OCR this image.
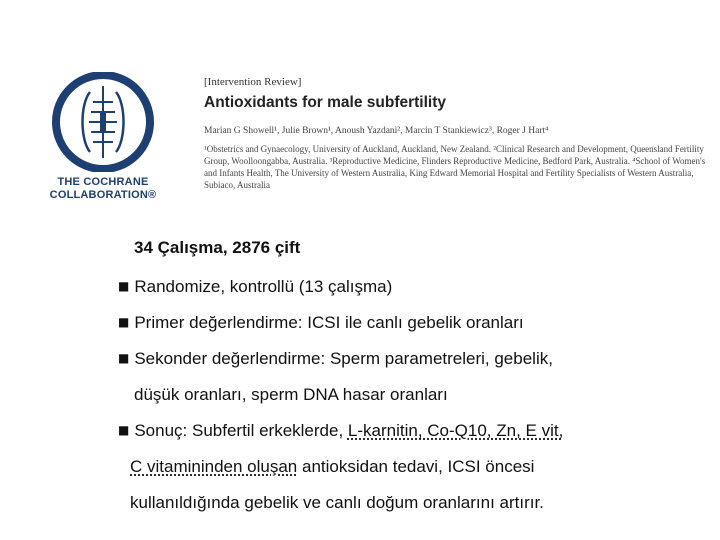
THE COCHRANE
COLLABORATION®
[Intervention Review]
Antioxidants for male subfertility
Marian G Showell¹, Julie Brown¹, Anoush Yazdani², Marcin T Stankiewicz³, Roger J Hart⁴
¹Obstetrics and Gynaecology, University of Auckland, Auckland, New Zealand. ²Clinical Research and Development, Queensland Fertility Group, Woolloongabba, Australia. ³Reproductive Medicine, Flinders Reproductive Medicine, Bedford Park, Australia. ⁴School of Women's and Infants Health, The University of Western Australia, King Edward Memorial Hospital and Fertility Specialists of Western Australia, Subiaco, Australia
34 Çalışma, 2876 çift
■ Randomize, kontrollü (13 çalışma)
■ Primer değerlendirme: ICSI ile canlı gebelik oranları
■ Sekonder değerlendirme: Sperm parametreleri, gebelik,
düşük oranları, sperm DNA hasar oranları
■ Sonuç: Subfertil erkeklerde, L-karnitin, Co-Q10, Zn, E vit,
C vitamininden oluşan antioksidan tedavi, ICSI öncesi
kullanıldığında gebelik ve canlı doğum oranlarını artırır.
